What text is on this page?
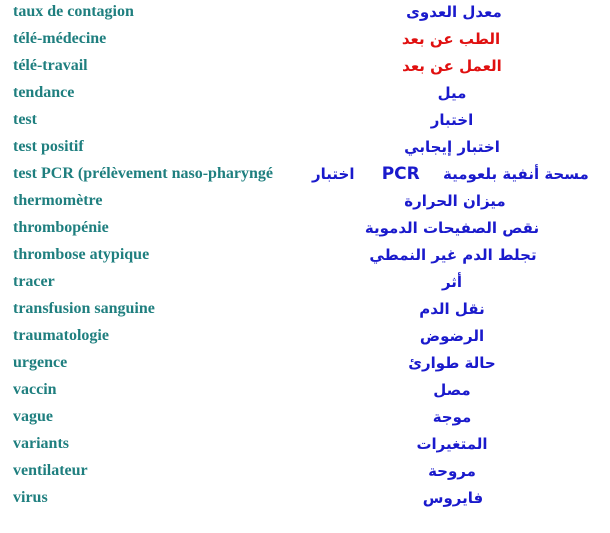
taux de contagion	معدل العدوى
télé-médecine	الطب عن بعد
télé-travail	العمل عن بعد
tendance	ميل
test	اختبار
test positif	اختبار إيجابي
test PCR (prélèvement naso-pharyngé	مسحة أنفية بلعومية PCR اختبار
thermomètre	ميزان الحرارة
thrombopénie	نقص الصفيحات الدموية
thrombose atypique	تجلط الدم غير النمطي
tracer	أثر
transfusion sanguine	نقل الدم
traumatologie	الرضوض
urgence	حالة طوارئ
vaccin	مصل
vague	موجة
variants	المتغيرات
ventilateur	مروحة
virus	فايروس
